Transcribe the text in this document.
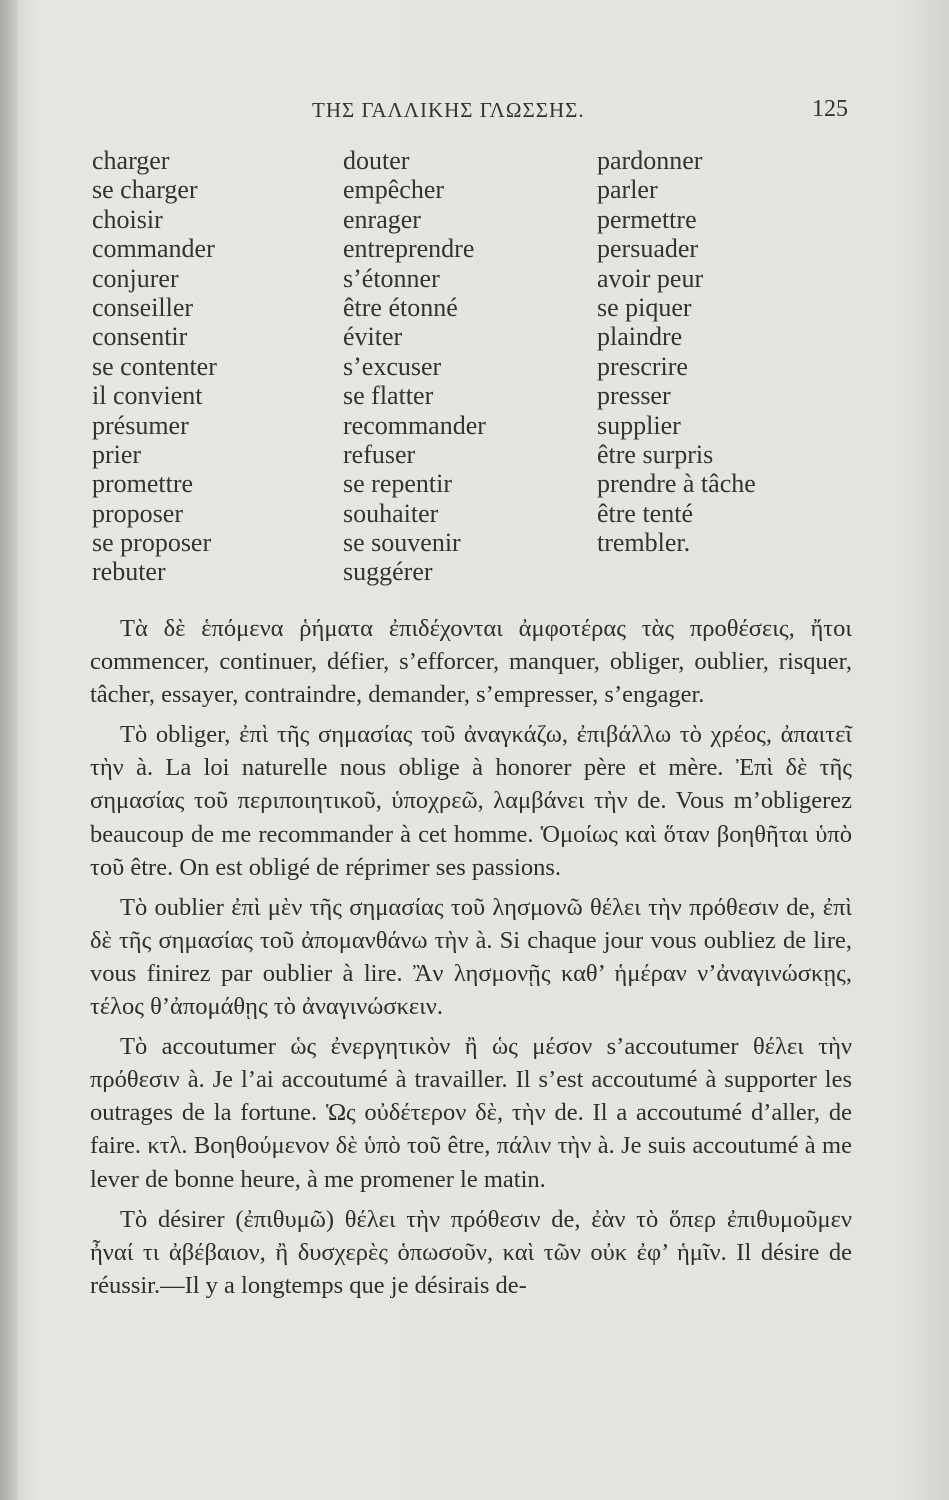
ΤΗΣ ΓΑΛΛΙΚΗΣ ΓΛΩΣΣΗΣ.	125
charger
se charger
choisir
commander
conjurer
conseiller
consentir
se contenter
il convient
présumer
prier
promettre
proposer
se proposer
rebuter
douter
empêcher
enrager
entreprendre
s’étonner
être étonné
éviter
s’excuser
se flatter
recommander
refuser
se repentir
souhaiter
se souvenir
suggérer
pardonner
parler
permettre
persuader
avoir peur
se piquer
plaindre
prescrire
presser
supplier
être surpris
prendre à tâche
être tenté
trembler.

Τὰ δὲ ἑπόμενα ῥήματα ἐπιδέχονται ἀμφοτέρας τὰς προθέσεις, ἤτοι commencer, continuer, défier, s’efforcer, manquer, obliger, oublier, risquer, tâcher, essayer, contraindre, demander, s’empresser, s’engager.

Τὸ obliger, ἐπὶ τῆς σημασίας τοῦ ἀναγκάζω, ἐπιβάλλω τὸ χρέος, ἀπαιτεῖ τὴν à. La loi naturelle nous oblige à honorer père et mère. Ἐπὶ δὲ τῆς σημασίας τοῦ περιποιητικοῦ, ὑποχρεῶ, λαμβάνει τὴν de. Vous m’obligerez beaucoup de me recommander à cet homme. Ὁμοίως καὶ ὅταν βοηθῆται ὑπὸ τοῦ être. On est obligé de réprimer ses passions.

Τὸ oublier ἐπὶ μὲν τῆς σημασίας τοῦ λησμονῶ θέλει τὴν πρόθεσιν de, ἐπὶ δὲ τῆς σημασίας τοῦ ἀπομανθάνω τὴν à. Si chaque jour vous oubliez de lire, vous finirez par oublier à lire. Ἂν λησμονῇς καθ’ ἡμέραν ν’ἀναγινώσκῃς, τέλος θ’ἀπομάθῃς τὸ ἀναγινώσκειν.

Τὸ accoutumer ὡς ἐνεργητικὸν ἢ ὡς μέσον s’accoutumer θέλει τὴν πρόθεσιν à. Je l’ai accoutumé à travailler. Il s’est accoutumé à supporter les outrages de la fortune. Ὡς οὐδέτερον δὲ, τὴν de. Il a accoutumé d’aller, de faire. κτλ. Βοηθούμενον δὲ ὑπὸ τοῦ être, πάλιν τὴν à. Je suis accoutumé à me lever de bonne heure, à me promener le matin.

Τὸ désirer (ἐπιθυμῶ) θέλει τὴν πρόθεσιν de, ἐὰν τὸ ὅπερ ἐπιθυμοῦμεν ἦναί τι ἀβέβαιον, ἢ δυσχερὲς ὁπωσοῦν, καὶ τῶν οὐκ ἐφ’ ἡμῖν. Il désire de réussir.—Il y a longtemps que je désirais de-
